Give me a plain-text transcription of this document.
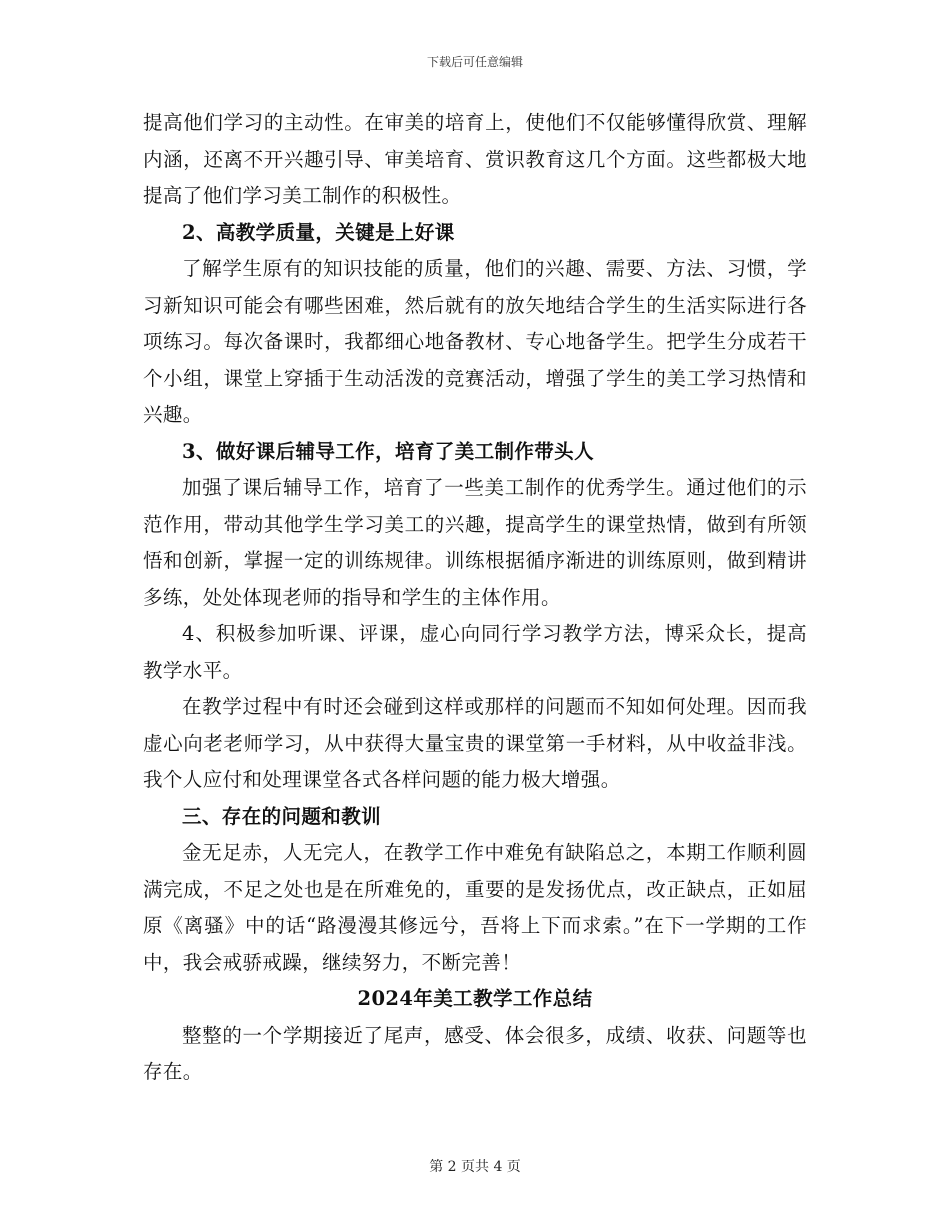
下载后可任意编辑

提高他们学习的主动性。在审美的培育上，使他们不仅能够懂得欣赏、理解内涵，还离不开兴趣引导、审美培育、赏识教育这几个方面。这些都极大地提高了他们学习美工制作的积极性。

2、高教学质量，关键是上好课

了解学生原有的知识技能的质量，他们的兴趣、需要、方法、习惯，学习新知识可能会有哪些困难，然后就有的放矢地结合学生的生活实际进行各项练习。每次备课时，我都细心地备教材、专心地备学生。把学生分成若干个小组，课堂上穿插于生动活泼的竞赛活动，增强了学生的美工学习热情和兴趣。

3、做好课后辅导工作，培育了美工制作带头人

加强了课后辅导工作，培育了一些美工制作的优秀学生。通过他们的示范作用，带动其他学生学习美工的兴趣，提高学生的课堂热情，做到有所领悟和创新，掌握一定的训练规律。训练根据循序渐进的训练原则，做到精讲多练，处处体现老师的指导和学生的主体作用。

4、积极参加听课、评课，虚心向同行学习教学方法，博采众长，提高教学水平。

在教学过程中有时还会碰到这样或那样的问题而不知如何处理。因而我虚心向老老师学习，从中获得大量宝贵的课堂第一手材料，从中收益非浅。我个人应付和处理课堂各式各样问题的能力极大增强。

三、存在的问题和教训

金无足赤，人无完人，在教学工作中难免有缺陷总之，本期工作顺利圆满完成，不足之处也是在所难免的，重要的是发扬优点，改正缺点，正如屈原《离骚》中的话“路漫漫其修远兮，吾将上下而求索。”在下一学期的工作中，我会戒骄戒躁，继续努力，不断完善！

2024年美工教学工作总结

整整的一个学期接近了尾声，感受、体会很多，成绩、收获、问题等也存在。

第 2 页共 4 页
